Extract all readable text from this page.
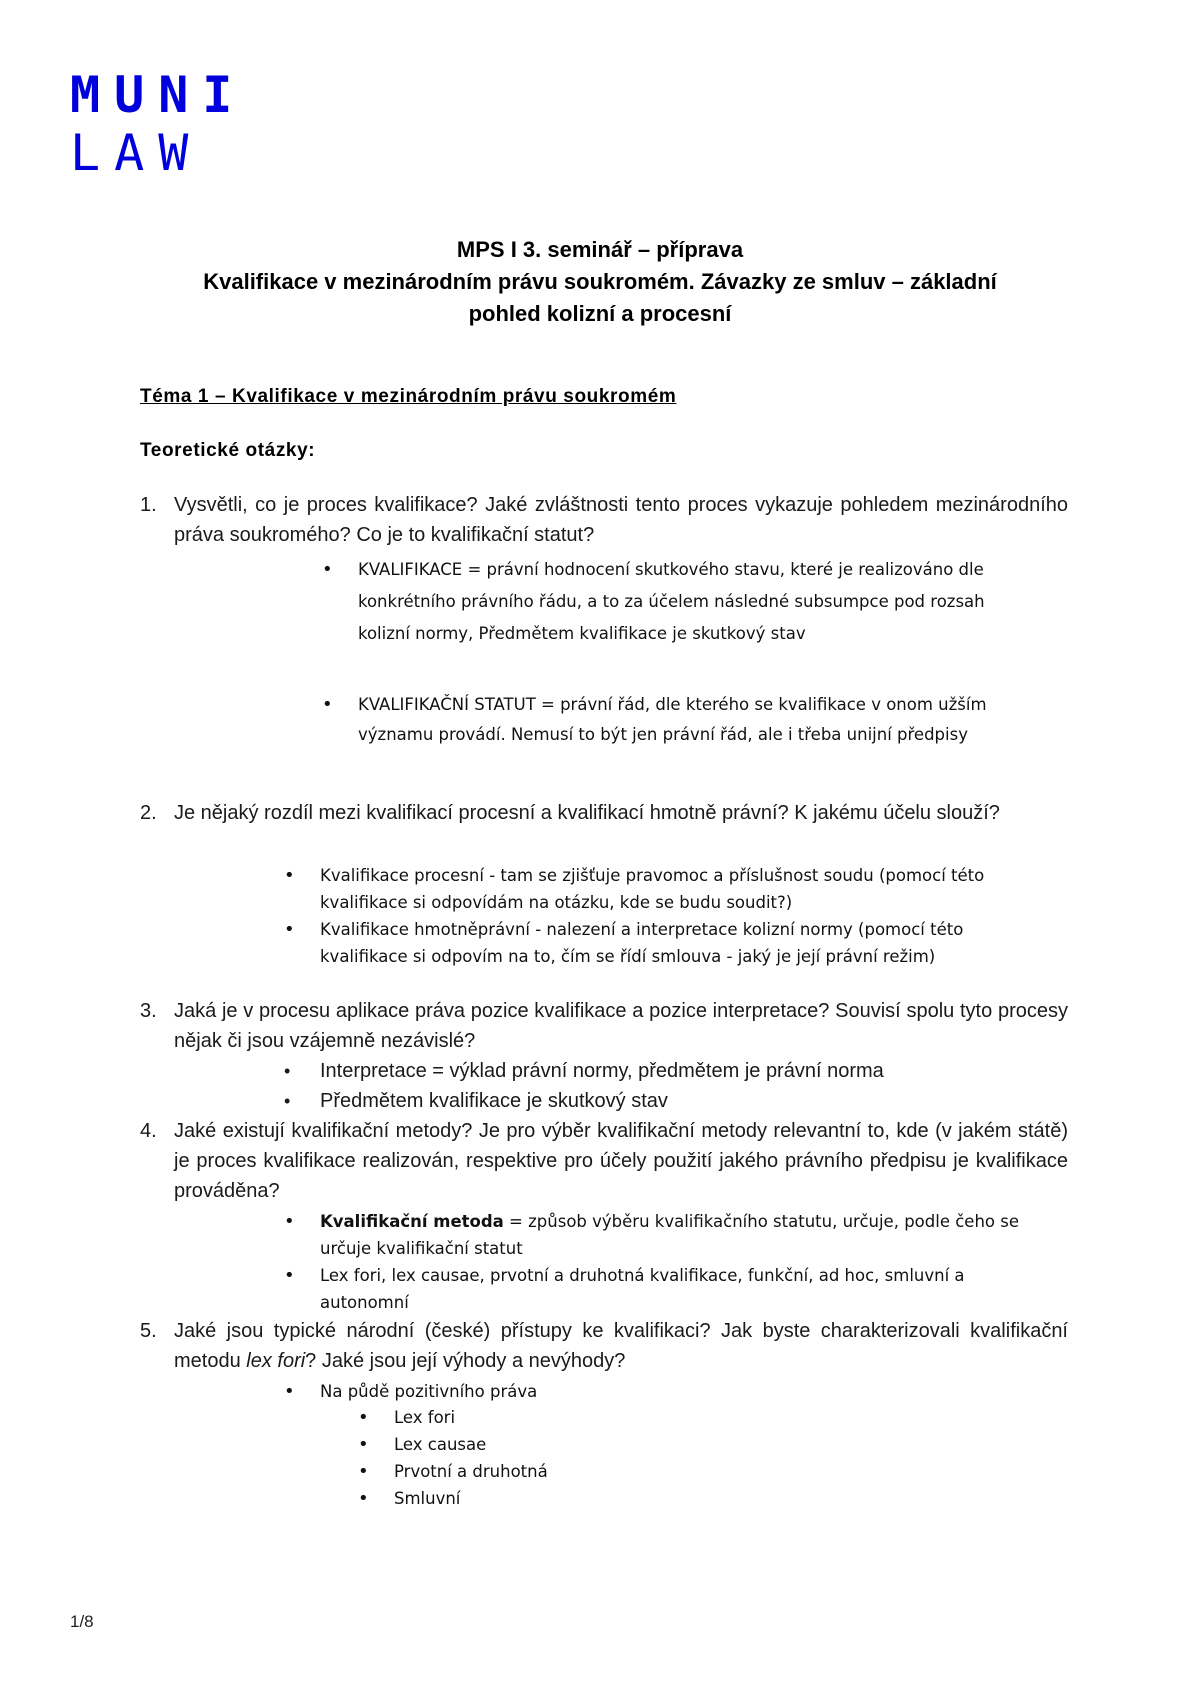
MUNI
LAW
MPS I 3. seminář – příprava
Kvalifikace v mezinárodním právu soukromém. Závazky ze smluv – základní
pohled kolizní a procesní
Téma 1 – Kvalifikace v mezinárodním právu soukromém
Teoretické otázky:
1. Vysvětli, co je proces kvalifikace? Jaké zvláštnosti tento proces vykazuje pohledem mezinárodního práva soukromého? Co je to kvalifikační statut?
• KVALIFIKACE = právní hodnocení skutkového stavu, které je realizováno dle
konkrétního právního řádu, a to za účelem následné subsumpce pod rozsah
kolizní normy, Předmětem kvalifikace je skutkový stav
• KVALIFIKAČNÍ STATUT = právní řád, dle kterého se kvalifikace v onom užším
významu provádí. Nemusí to být jen právní řád, ale i třeba unijní předpisy
2. Je nějaký rozdíl mezi kvalifikací procesní a kvalifikací hmotně právní? K jakému účelu slouží?
• Kvalifikace procesní - tam se zjišťuje pravomoc a příslušnost soudu (pomocí této
kvalifikace si odpovídám na otázku, kde se budu soudit?)
• Kvalifikace hmotněprávní - nalezení a interpretace kolizní normy (pomocí této
kvalifikace si odpovím na to, čím se řídí smlouva - jaký je její právní režim)
3. Jaká je v procesu aplikace práva pozice kvalifikace a pozice interpretace? Souvisí spolu tyto procesy nějak či jsou vzájemně nezávislé?
• Interpretace = výklad právní normy, předmětem je právní norma
• Předmětem kvalifikace je skutkový stav
4. Jaké existují kvalifikační metody? Je pro výběr kvalifikační metody relevantní to, kde (v jakém státě) je proces kvalifikace realizován, respektive pro účely použití jakého právního předpisu je kvalifikace prováděna?
• Kvalifikační metoda = způsob výběru kvalifikačního statutu, určuje, podle čeho se
určuje kvalifikační statut
• Lex fori, lex causae, prvotní a druhotná kvalifikace, funkční, ad hoc, smluvní a
autonomní
5. Jaké jsou typické národní (české) přístupy ke kvalifikaci? Jak byste charakterizovali kvalifikační metodu lex fori? Jaké jsou její výhody a nevýhody?
• Na půdě pozitivního práva
• Lex fori
• Lex causae
• Prvotní a druhotná
• Smluvní
1/8
